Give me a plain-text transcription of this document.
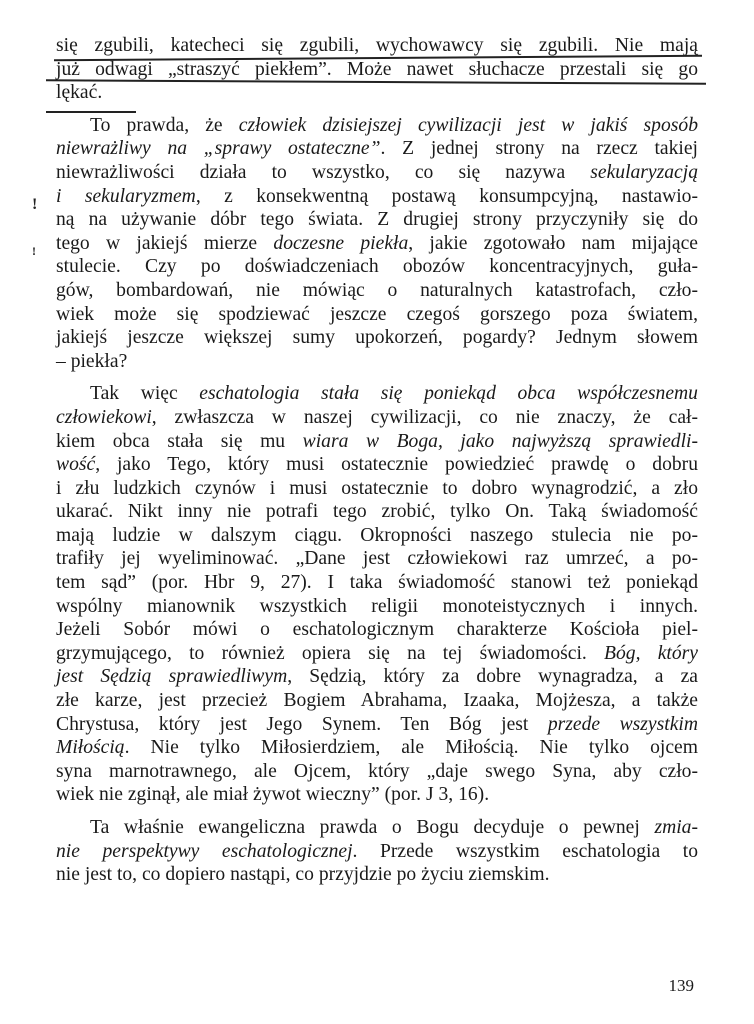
się zgubili, katecheci się zgubili, wychowawcy się zgubili. Nie mają
już odwagi „straszyć piekłem”. Może nawet słuchacze przestali się go
lękać.
To prawda, że człowiek dzisiejszej cywilizacji jest w jakiś sposób
niewrażliwy na „sprawy ostateczne”. Z jednej strony na rzecz takiej
niewrażliwości działa to wszystko, co się nazywa sekularyzacją
i sekularyzmem, z konsekwentną postawą konsumpcyjną, nastawio-
ną na używanie dóbr tego świata. Z drugiej strony przyczyniły się do
tego w jakiejś mierze doczesne piekła, jakie zgotowało nam mijające
stulecie. Czy po doświadczeniach obozów koncentracyjnych, guła-
gów, bombardowań, nie mówiąc o naturalnych katastrofach, czło-
wiek może się spodziewać jeszcze czegoś gorszego poza światem,
jakiejś jeszcze większej sumy upokorzeń, pogardy? Jednym słowem
– piekła?
Tak więc eschatologia stała się poniekąd obca współczesnemu
człowiekowi, zwłaszcza w naszej cywilizacji, co nie znaczy, że cał-
kiem obca stała się mu wiara w Boga, jako najwyższą sprawiedli-
wość, jako Tego, który musi ostatecznie powiedzieć prawdę o dobru
i złu ludzkich czynów i musi ostatecznie to dobro wynagrodzić, a zło
ukarać. Nikt inny nie potrafi tego zrobić, tylko On. Taką świadomość
mają ludzie w dalszym ciągu. Okropności naszego stulecia nie po-
trafiły jej wyeliminować. „Dane jest człowiekowi raz umrzeć, a po-
tem sąd” (por. Hbr 9, 27). I taka świadomość stanowi też poniekąd
wspólny mianownik wszystkich religii monoteistycznych i innych.
Jeżeli Sobór mówi o eschatologicznym charakterze Kościoła piel-
grzymującego, to również opiera się na tej świadomości. Bóg, który
jest Sędzią sprawiedliwym, Sędzią, który za dobre wynagradza, a za
złe karze, jest przecież Bogiem Abrahama, Izaaka, Mojżesza, a także
Chrystusa, który jest Jego Synem. Ten Bóg jest przede wszystkim
Miłością. Nie tylko Miłosierdziem, ale Miłością. Nie tylko ojcem
syna marnotrawnego, ale Ojcem, który „daje swego Syna, aby czło-
wiek nie zginął, ale miał żywot wieczny” (por. J 3, 16).
Ta właśnie ewangeliczna prawda o Bogu decyduje o pewnej zmia-
nie perspektywy eschatologicznej. Przede wszystkim eschatologia to
nie jest to, co dopiero nastąpi, co przyjdzie po życiu ziemskim.
!
!
139
